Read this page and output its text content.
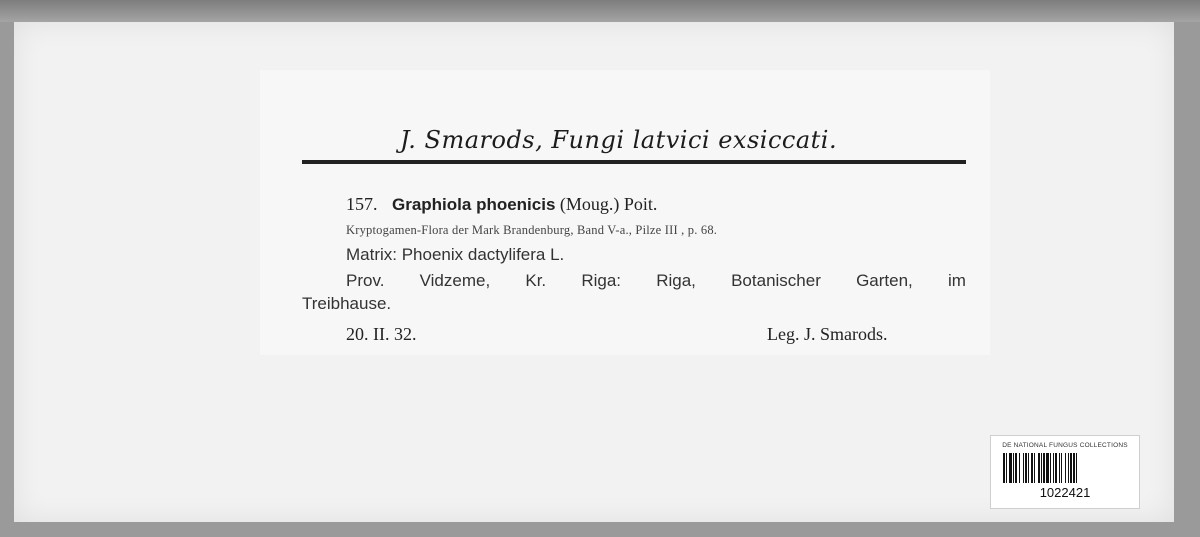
J. Smarods, Fungi latvici exsiccati.
157. Graphiola phoenicis (Moug.) Poit.
Kryptogamen-Flora der Mark Brandenburg, Band V-a., Pilze III , p. 68.
Matrix: Phoenix dactylifera L.
Prov. Vidzeme, Kr. Riga: Riga, Botanischer Garten, im
Treibhause.
20. II. 32.	Leg. J. Smarods.
DE NATIONAL FUNGUS COLLECTIONS
1022421
